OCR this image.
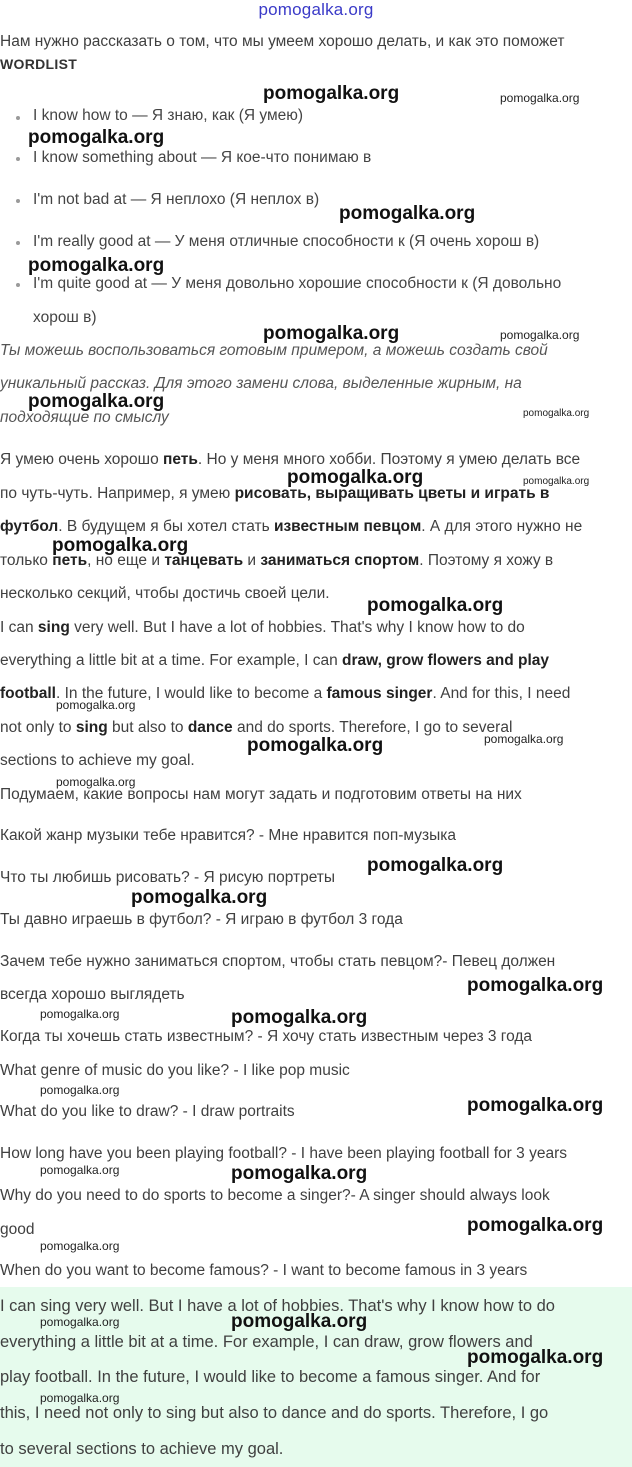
pomogalka.org
Нам нужно рассказать о том, что мы умеем хорошо делать, и как это поможет
WORDLIST
I know how to — Я знаю, как (Я умею)
I know something about — Я кое-что понимаю в
I'm not bad at — Я неплохо (Я неплох в)
I'm really good at — У меня отличные способности к (Я очень хорош в)
I'm quite good at — У меня довольно хорошие способности к (Я довольно
хорош в)
Ты можешь воспользоваться готовым примером, а можешь создать свой
уникальный рассказ. Для этого замени слова, выделенные жирным, на
подходящие по смыслу
Я умею очень хорошо петь. Но у меня много хобби. Поэтому я умею делать все
по чуть-чуть. Например, я умею рисовать, выращивать цветы и играть в
футбол. В будущем я бы хотел стать известным певцом. А для этого нужно не
только петь, но еще и танцевать и заниматься спортом. Поэтому я хожу в
несколько секций, чтобы достичь своей цели.
I can sing very well. But I have a lot of hobbies. That's why I know how to do
everything a little bit at a time. For example, I can draw, grow flowers and play
football. In the future, I would like to become a famous singer. And for this, I need
not only to sing but also to dance and do sports. Therefore, I go to several
sections to achieve my goal.
Подумаем, какие вопросы нам могут задать и подготовим ответы на них
Какой жанр музыки тебе нравится? - Мне нравится поп-музыка
Что ты любишь рисовать? - Я рисую портреты
Ты давно играешь в футбол? - Я играю в футбол 3 года
Зачем тебе нужно заниматься спортом, чтобы стать певцом?- Певец должен
всегда хорошо выглядеть
Когда ты хочешь стать известным? - Я хочу стать известным через 3 года
What genre of music do you like? - I like pop music
What do you like to draw? - I draw portraits
How long have you been playing football? - I have been playing football for 3 years
Why do you need to do sports to become a singer?- A singer should always look
good
When do you want to become famous? - I want to become famous in 3 years
I can sing very well. But I have a lot of hobbies. That's why I know how to do
everything a little bit at a time. For example, I can draw, grow flowers and
play football. In the future, I would like to become a famous singer. And for
this, I need not only to sing but also to dance and do sports. Therefore, I go
to several sections to achieve my goal.
pomogalka.org
pomogalka.org
pomogalka.org
pomogalka.org
pomogalka.org
pomogalka.org
pomogalka.org
pomogalka.org
pomogalka.org
pomogalka.org
pomogalka.org
pomogalka.org
pomogalka.org
pomogalka.org
pomogalka.org
pomogalka.org
pomogalka.org
pomogalka.org
pomogalka.org
pomogalka.org
pomogalka.org
pomogalka.org
pomogalka.org
pomogalka.org
pomogalka.org
pomogalka.org
pomogalka.org
pomogalka.org
pomogalka.org
pomogalka.org
pomogalka.org
pomogalka.org
